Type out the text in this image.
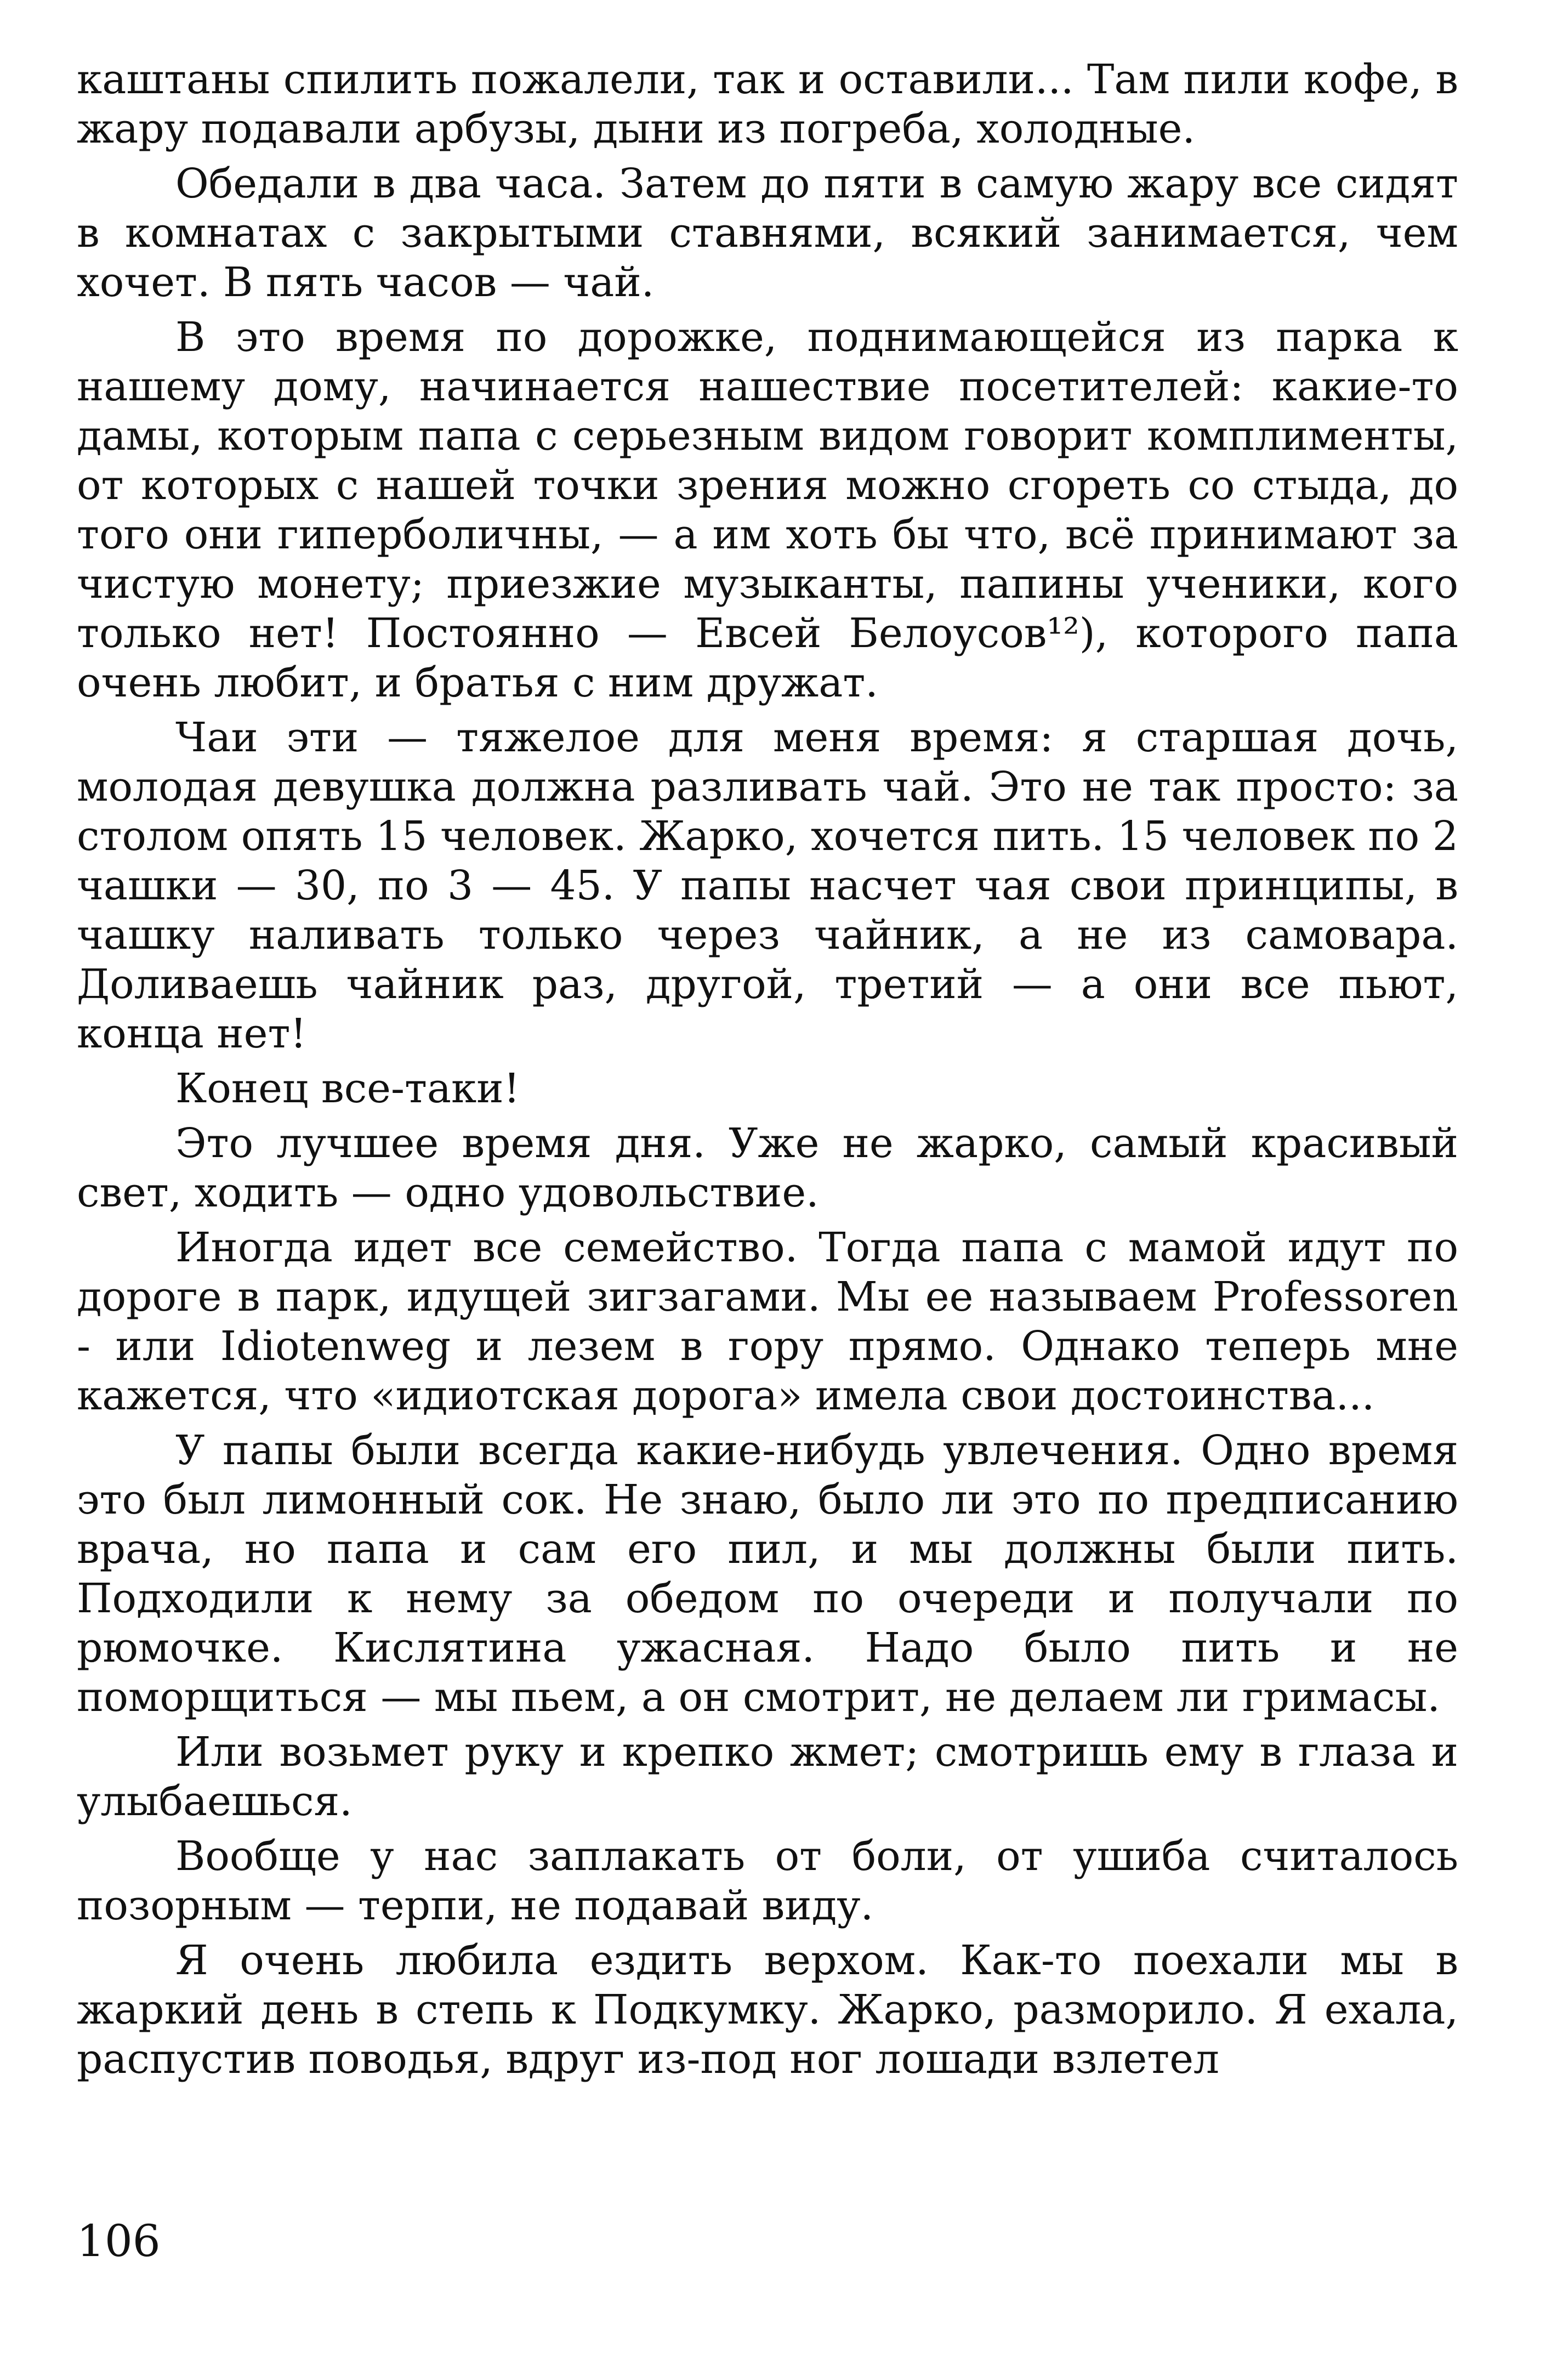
каштаны спилить пожалели, так и оставили... Там пили кофе, в жару подавали арбузы, дыни из погреба, холодные.

Обедали в два часа. Затем до пяти в самую жару все сидят в комнатах с закрытыми ставнями, всякий занимается, чем хочет. В пять часов — чай.

В это время по дорожке, поднимающейся из парка к нашему дому, начинается нашествие посетителей: какие-то дамы, которым папа с серьезным видом говорит комплименты, от которых с нашей точки зрения можно сгореть со стыда, до того они гиперболичны, — а им хоть бы что, всё принимают за чистую монету; приезжие музыканты, папины ученики, кого только нет! Постоянно — Евсей Белоусов¹²), которого папа очень любит, и братья с ним дружат.

Чаи эти — тяжелое для меня время: я старшая дочь, молодая девушка должна разливать чай. Это не так просто: за столом опять 15 человек. Жарко, хочется пить. 15 человек по 2 чашки — 30, по 3 — 45. У папы насчет чая свои принципы, в чашку наливать только через чайник, а не из самовара. Доливаешь чайник раз, другой, третий — а они все пьют, конца нет!

Конец все-таки!

Это лучшее время дня. Уже не жарко, самый красивый свет, ходить — одно удовольствие.

Иногда идет все семейство. Тогда папа с мамой идут по дороге в парк, идущей зигзагами. Мы ее называем Professoren - или Idiotenweg и лезем в гору прямо. Однако теперь мне кажется, что «идиотская дорога» имела свои достоинства...

У папы были всегда какие-нибудь увлечения. Одно время это был лимонный сок. Не знаю, было ли это по предписанию врача, но папа и сам его пил, и мы должны были пить. Подходили к нему за обедом по очереди и получали по рюмочке. Кислятина ужасная. Надо было пить и не поморщиться — мы пьем, а он смотрит, не делаем ли гримасы.

Или возьмет руку и крепко жмет; смотришь ему в глаза и улыбаешься.

Вообще у нас заплакать от боли, от ушиба считалось позорным — терпи, не подавай виду.

Я очень любила ездить верхом. Как-то поехали мы в жаркий день в степь к Подкумку. Жарко, разморило. Я ехала, распустив поводья, вдруг из-под ног лошади взлетел

106
